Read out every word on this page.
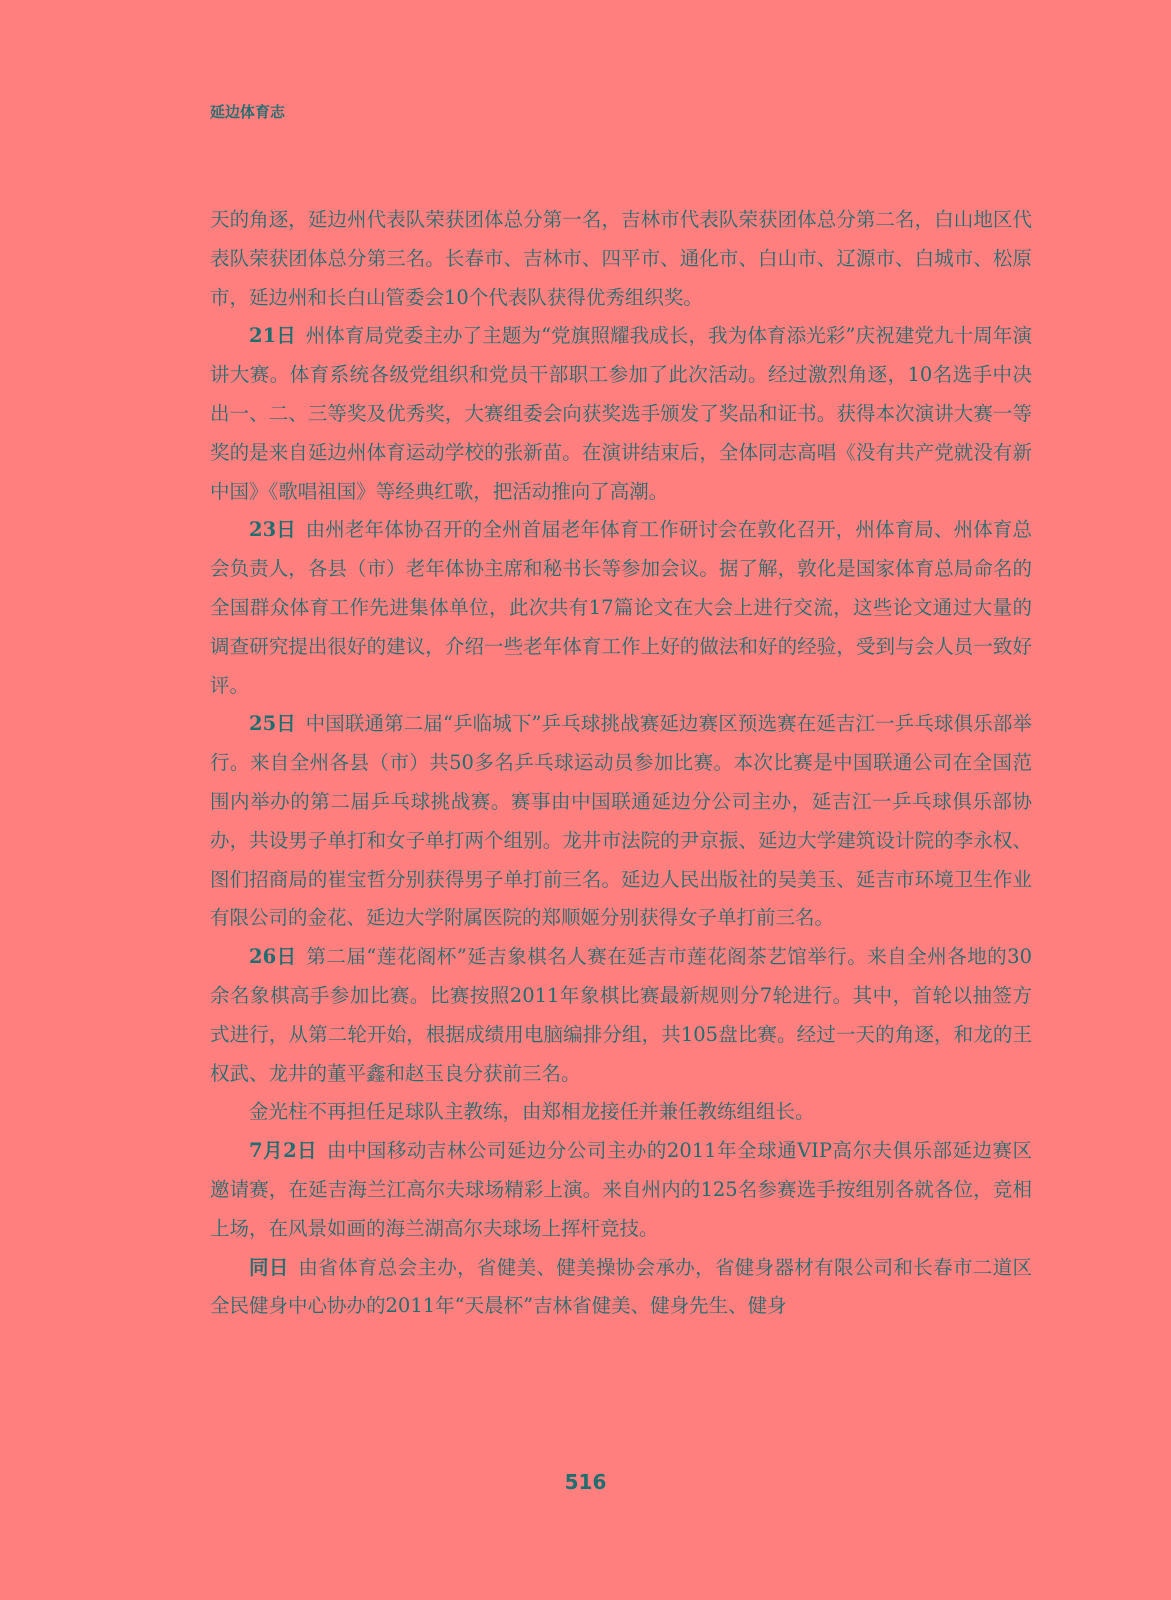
延边体育志

天的角逐，延边州代表队荣获团体总分第一名，吉林市代表队荣获团体总分第二名，白山地区代表队荣获团体总分第三名。长春市、吉林市、四平市、通化市、白山市、辽源市、白城市、松原市，延边州和长白山管委会10个代表队获得优秀组织奖。

21日 州体育局党委主办了主题为“党旗照耀我成长，我为体育添光彩”庆祝建党九十周年演讲大赛。体育系统各级党组织和党员干部职工参加了此次活动。经过激烈角逐，10名选手中决出一、二、三等奖及优秀奖，大赛组委会向获奖选手颁发了奖品和证书。获得本次演讲大赛一等奖的是来自延边州体育运动学校的张新苗。在演讲结束后，全体同志高唱《没有共产党就没有新中国》《歌唱祖国》等经典红歌，把活动推向了高潮。

23日 由州老年体协召开的全州首届老年体育工作研讨会在敦化召开，州体育局、州体育总会负责人，各县（市）老年体协主席和秘书长等参加会议。据了解，敦化是国家体育总局命名的全国群众体育工作先进集体单位，此次共有17篇论文在大会上进行交流，这些论文通过大量的调查研究提出很好的建议，介绍一些老年体育工作上好的做法和好的经验，受到与会人员一致好评。

25日 中国联通第二届“乒临城下”乒乓球挑战赛延边赛区预选赛在延吉江一乒乓球俱乐部举行。来自全州各县（市）共50多名乒乓球运动员参加比赛。本次比赛是中国联通公司在全国范围内举办的第二届乒乓球挑战赛。赛事由中国联通延边分公司主办，延吉江一乒乓球俱乐部协办，共设男子单打和女子单打两个组别。龙井市法院的尹京振、延边大学建筑设计院的李永权、图们招商局的崔宝哲分别获得男子单打前三名。延边人民出版社的吴美玉、延吉市环境卫生作业有限公司的金花、延边大学附属医院的郑顺姬分别获得女子单打前三名。

26日 第二届“莲花阁杯”延吉象棋名人赛在延吉市莲花阁茶艺馆举行。来自全州各地的30余名象棋高手参加比赛。比赛按照2011年象棋比赛最新规则分7轮进行。其中，首轮以抽签方式进行，从第二轮开始，根据成绩用电脑编排分组，共105盘比赛。经过一天的角逐，和龙的王权武、龙井的董平鑫和赵玉良分获前三名。

金光柱不再担任足球队主教练，由郑相龙接任并兼任教练组组长。

7月2日 由中国移动吉林公司延边分公司主办的2011年全球通VIP高尔夫俱乐部延边赛区邀请赛，在延吉海兰江高尔夫球场精彩上演。来自州内的125名参赛选手按组别各就各位，竞相上场，在风景如画的海兰湖高尔夫球场上挥杆竞技。

同日 由省体育总会主办，省健美、健美操协会承办，省健身器材有限公司和长春市二道区全民健身中心协办的2011年“天晨杯”吉林省健美、健身先生、健身

516
